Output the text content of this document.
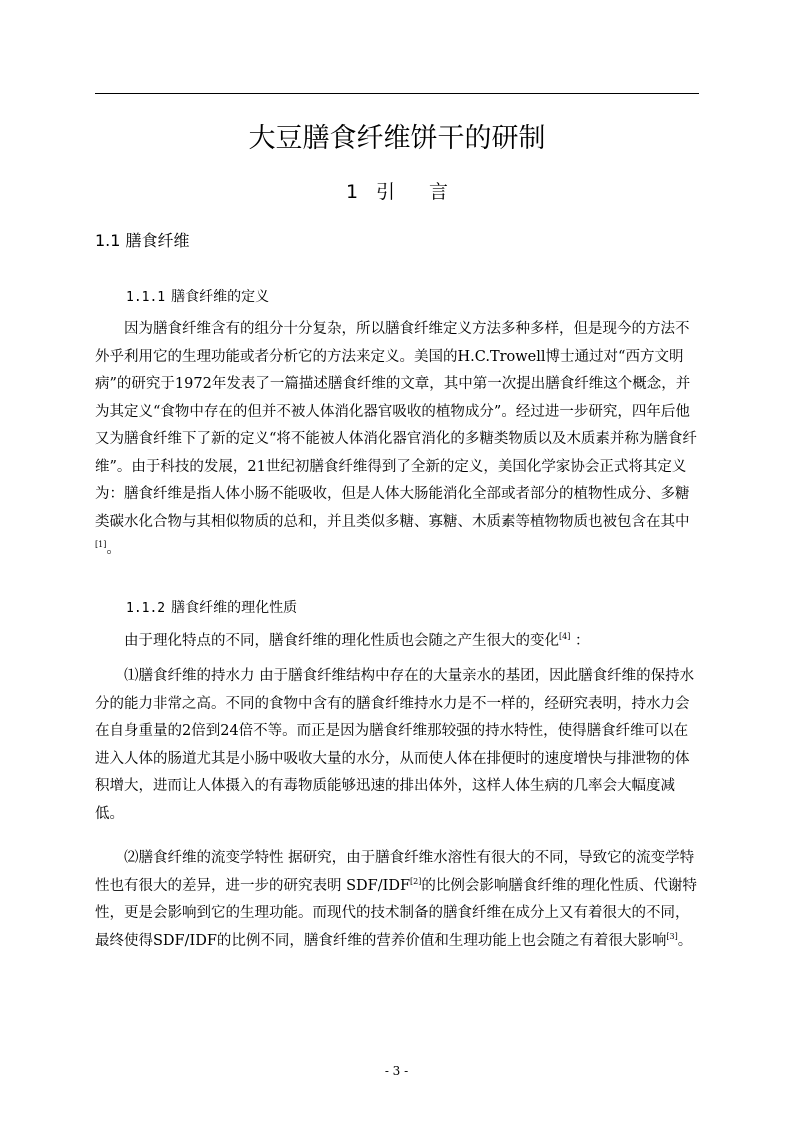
大豆膳食纤维饼干的研制
1 引 言
1.1 膳食纤维
1.1.1 膳食纤维的定义

因为膳食纤维含有的组分十分复杂，所以膳食纤维定义方法多种多样，但是现今的方法不外乎利用它的生理功能或者分析它的方法来定义。美国的H.C.Trowell博士通过对“西方文明病”的研究于1972年发表了一篇描述膳食纤维的文章，其中第一次提出膳食纤维这个概念，并为其定义“食物中存在的但并不被人体消化器官吸收的植物成分”。经过进一步研究，四年后他又为膳食纤维下了新的定义“将不能被人体消化器官消化的多糖类物质以及木质素并称为膳食纤维”。由于科技的发展，21世纪初膳食纤维得到了全新的定义，美国化学家协会正式将其定义为：膳食纤维是指人体小肠不能吸收，但是人体大肠能消化全部或者部分的植物性成分、多糖类碳水化合物与其相似物质的总和，并且类似多糖、寡糖、木质素等植物物质也被包含在其中[1]。

1.1.2 膳食纤维的理化性质

由于理化特点的不同，膳食纤维的理化性质也会随之产生很大的变化[4] ：

⑴膳食纤维的持水力 由于膳食纤维结构中存在的大量亲水的基团，因此膳食纤维的保持水分的能力非常之高。不同的食物中含有的膳食纤维持水力是不一样的，经研究表明，持水力会在自身重量的2倍到24倍不等。而正是因为膳食纤维那较强的持水特性，使得膳食纤维可以在进入人体的肠道尤其是小肠中吸收大量的水分，从而使人体在排便时的速度增快与排泄物的体积增大，进而让人体摄入的有毒物质能够迅速的排出体外，这样人体生病的几率会大幅度减低。

⑵膳食纤维的流变学特性 据研究，由于膳食纤维水溶性有很大的不同，导致它的流变学特性也有很大的差异，进一步的研究表明 SDF/IDF[2]的比例会影响膳食纤维的理化性质、代谢特性，更是会影响到它的生理功能。而现代的技术制备的膳食纤维在成分上又有着很大的不同，最终使得SDF/IDF的比例不同，膳食纤维的营养价值和生理功能上也会随之有着很大影响[3]。

- 3 -
